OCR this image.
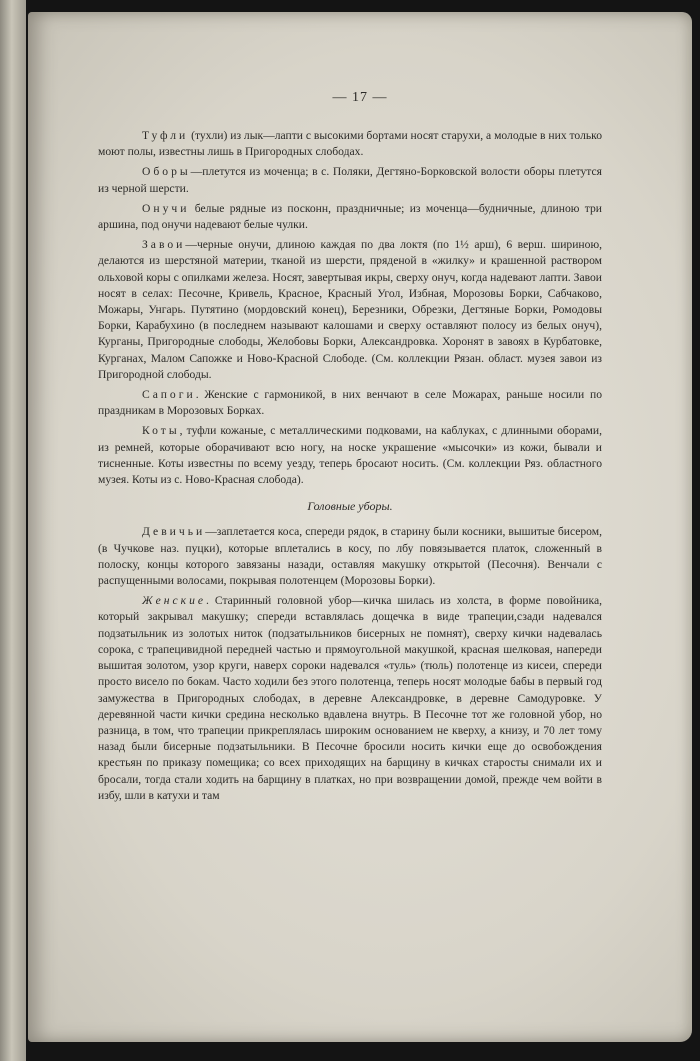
— 17 —

Туфли (тухли) из лык—лапти с высокими бортами носят старухи, а молодые в них только моют полы, известны лишь в Пригородных слободах.

Оборы—плетутся из моченца; в с. Поляки, Дегтяно-Борковской волости оборы плетутся из черной шерсти.

Онучи белые рядные из посконн, праздничные; из моченца—будничные, длиною три аршина, под онучи надевают белые чулки.

Завои—черные онучи, длиною каждая по два локтя (по 1½ арш), 6 верш. шириною, делаются из шерстяной материи, тканой из шерсти, пряденой в «жилку» и крашенной раствором ольховой коры с опилками железа. Носят, завертывая икры, сверху онуч, когда надевают лапти. Завои носят в селах: Песочне, Кривель, Красное, Красный Угол, Избная, Морозовы Борки, Сабчаково, Можары, Унгарь. Путятино (мордовский конец), Березники, Обрезки, Дегтяные Борки, Ромодовы Борки, Карабухино (в последнем называют калошами и сверху оставляют полосу из белых онуч), Курганы, Пригородные слободы, Желобовы Борки, Александровка. Хоронят в завоях в Курбатовке, Курганах, Малом Сапожке и Ново-Красной Слободе. (См. коллекции Рязан. област. музея завои из Пригородной слободы.

Сапоги. Женские с гармоникой, в них венчают в селе Можарах, раньше носили по праздникам в Морозовых Борках.

Коты, туфли кожаные, с металлическими подковами, на каблуках, с длинными оборами, из ремней, которые оборачивают всю ногу, на носке украшение «мысочки» из кожи, бывали и тисненные. Коты известны по всему уезду, теперь бросают носить. (См. коллекции Ряз. областного музея. Коты из с. Ново-Красная слобода).

Головные уборы.

Девичьи—заплетается коса, спереди рядок, в старину были косники, вышитые бисером, (в Чучкове наз. пуцки), которые вплетались в косу, по лбу повязывается платок, сложенный в полоску, концы которого завязаны назади, оставляя макушку открытой (Песочня). Венчали с распущенными волосами, покрывая полотенцем (Морозовы Борки).

Женские. Старинный головной убор—кичка шилась из холста, в форме повойника, который закрывал макушку; спереди вставлялась дощечка в виде трапеции,сзади надевался подзатыльник из золотых ниток (подзатыльников бисерных не помнят), сверху кички надевалась сорока, с трапецивидной передней частью и прямоугольной макушкой, красная шелковая, напереди вышитая золотом, узор круги, наверх сороки надевался «туль» (тюль) полотенце из кисеи, спереди просто висело по бокам. Часто ходили без этого полотенца, теперь носят молодые бабы в первый год замужества в Пригородных слободах, в деревне Александровке, в деревне Самодуровке. У деревянной части кички средина несколько вдавлена внутрь. В Песочне тот же головной убор, но разница, в том, что трапеции прикреплялась широким основанием не кверху, а книзу, и 70 лет тому назад были бисерные подзатыльники. В Песочне бросили носить кички еще до освобождения крестьян по приказу помещика; со всех приходящих на барщину в кичках старосты снимали их и бросали, тогда стали ходить на барщину в платках, но при возвращении домой, прежде чем войти в избу, шли в катухи и там
